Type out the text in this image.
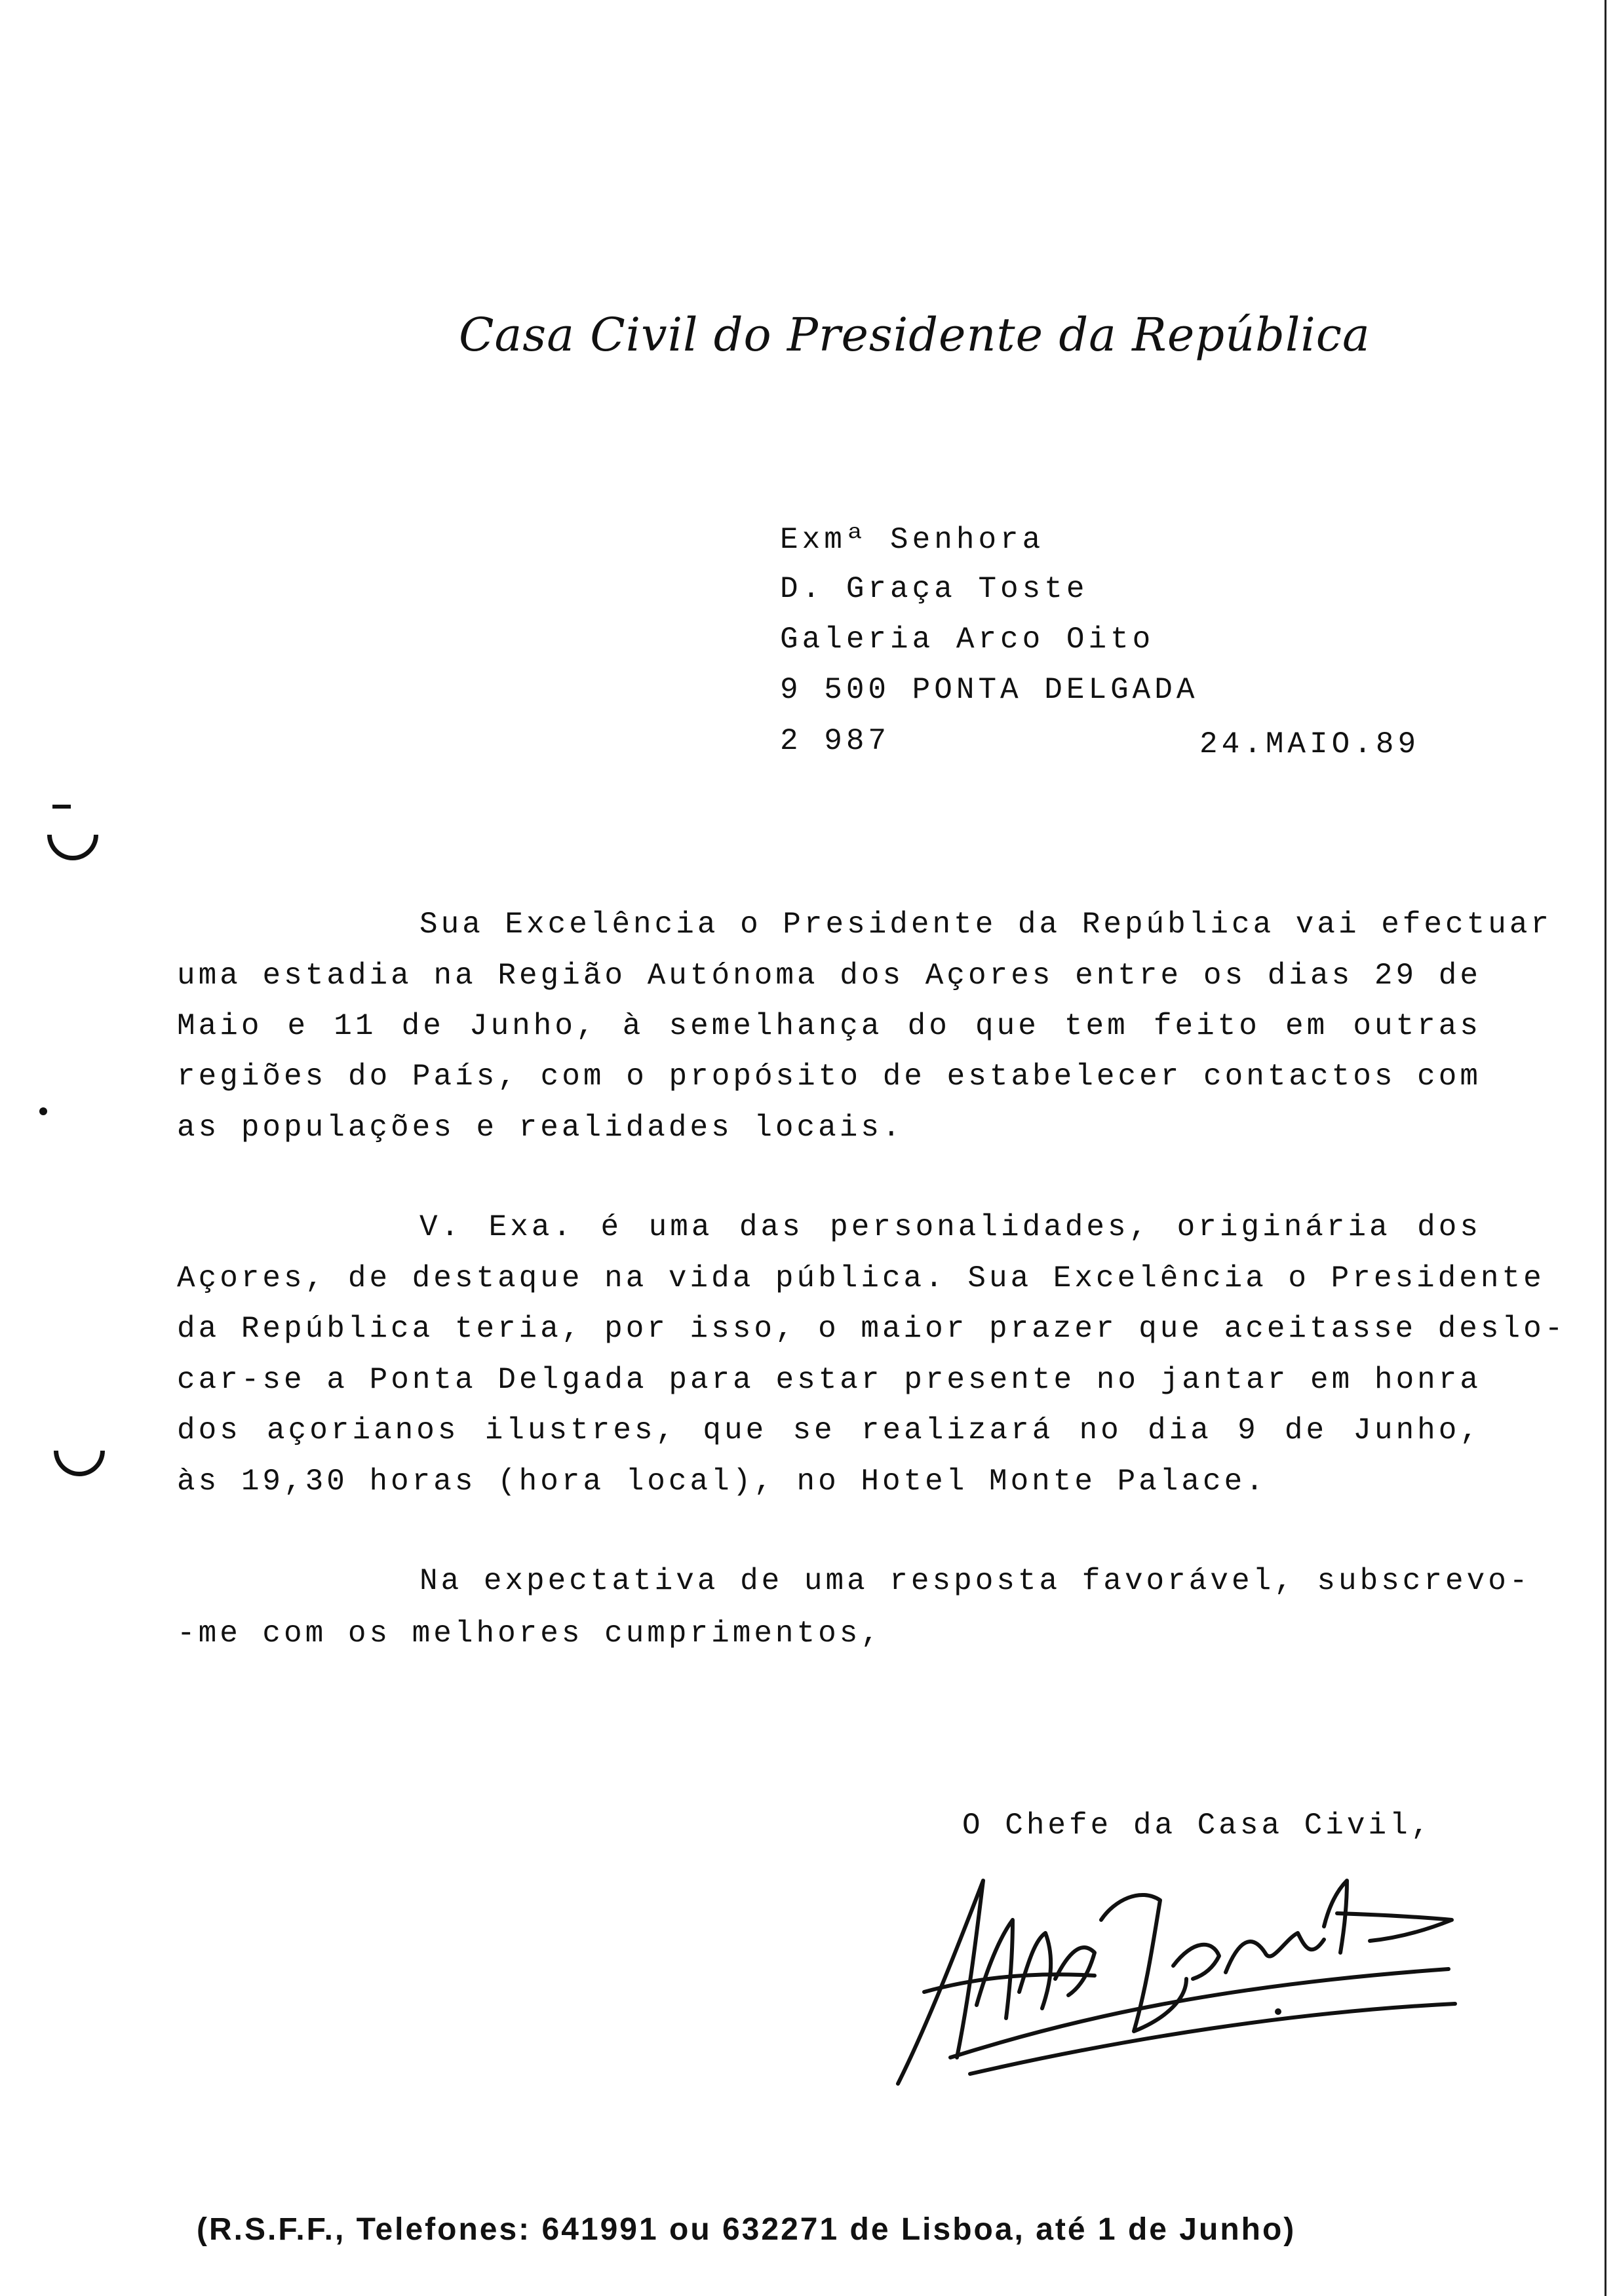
Casa Civil do Presidente da República
Exmª Senhora
D. Graça Toste
Galeria Arco Oito
9 500 PONTA DELGADA
2 987	24.MAIO.89
Sua Excelência o Presidente da República vai efectuar
uma estadia na Região Autónoma dos Açores entre os dias 29 de
Maio e 11 de Junho, à semelhança do que tem feito em outras
regiões do País, com o propósito de estabelecer contactos com
as populações e realidades locais.
V. Exa. é uma das personalidades, originária dos
Açores, de destaque na vida pública. Sua Excelência o Presidente
da República teria, por isso, o maior prazer que aceitasse deslo-
car-se a Ponta Delgada para estar presente no jantar em honra
dos açorianos ilustres, que se realizará no dia 9 de Junho,
às 19,30 horas (hora local), no Hotel Monte Palace.
Na expectativa de uma resposta favorável, subscrevo-
-me com os melhores cumprimentos,
O Chefe da Casa Civil,
(R.S.F.F., Telefones: 641991 ou 632271 de Lisboa, até 1 de Junho)
